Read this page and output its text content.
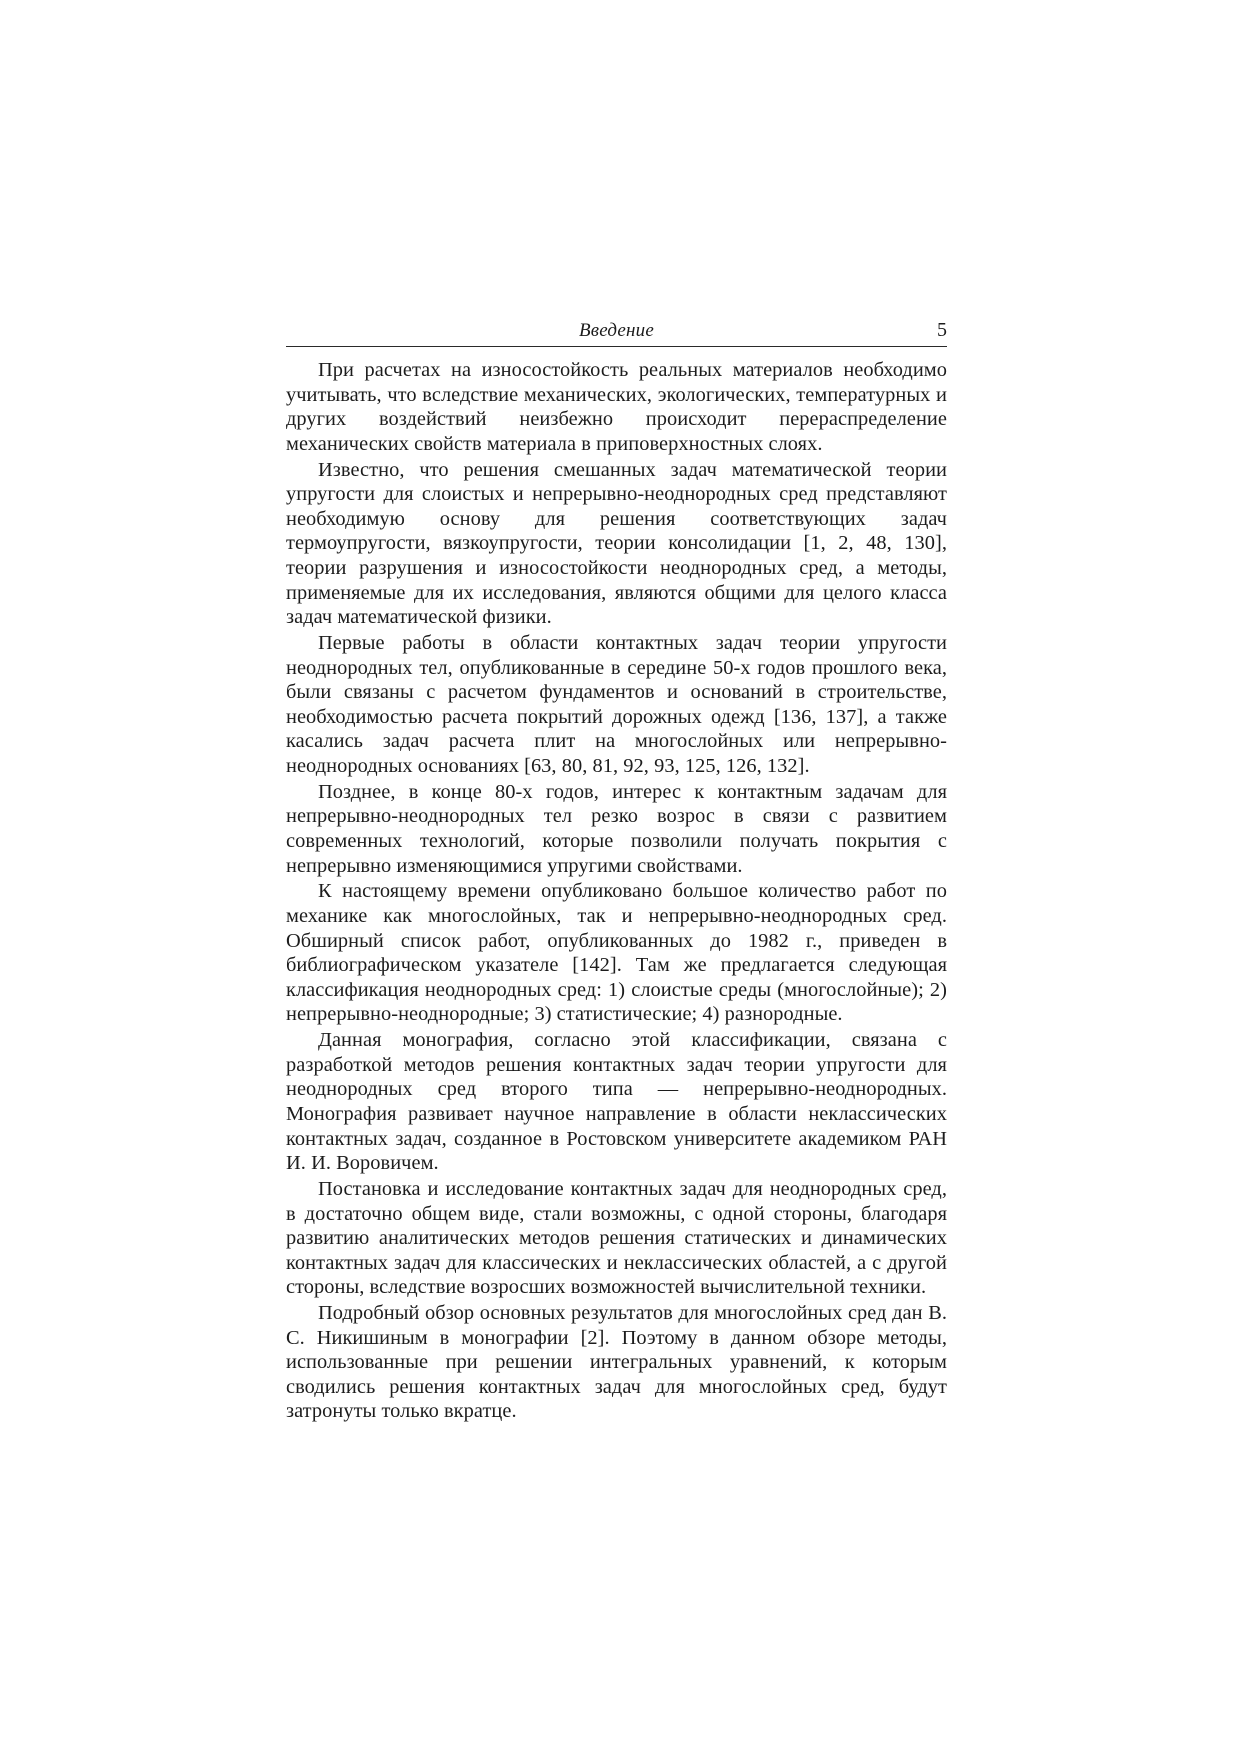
Введение	5

При расчетах на износостойкость реальных материалов необходимо учитывать, что вследствие механических, экологических, температурных и других воздействий неизбежно происходит перераспределение механических свойств материала в приповерхностных слоях.

Известно, что решения смешанных задач математической теории упругости для слоистых и непрерывно-неоднородных сред представляют необходимую основу для решения соответствующих задач термоупругости, вязкоупругости, теории консолидации [1, 2, 48, 130], теории разрушения и износостойкости неоднородных сред, а методы, применяемые для их исследования, являются общими для целого класса задач математической физики.

Первые работы в области контактных задач теории упругости неоднородных тел, опубликованные в середине 50-х годов прошлого века, были связаны с расчетом фундаментов и оснований в строительстве, необходимостью расчета покрытий дорожных одежд [136, 137], а также касались задач расчета плит на многослойных или непрерывно-неоднородных основаниях [63, 80, 81, 92, 93, 125, 126, 132].

Позднее, в конце 80-х годов, интерес к контактным задачам для непрерывно-неоднородных тел резко возрос в связи с развитием современных технологий, которые позволили получать покрытия с непрерывно изменяющимися упругими свойствами.

К настоящему времени опубликовано большое количество работ по механике как многослойных, так и непрерывно-неоднородных сред. Обширный список работ, опубликованных до 1982 г., приведен в библиографическом указателе [142]. Там же предлагается следующая классификация неоднородных сред: 1) слоистые среды (многослойные); 2) непрерывно-неоднородные; 3) статистические; 4) разнородные.

Данная монография, согласно этой классификации, связана с разработкой методов решения контактных задач теории упругости для неоднородных сред второго типа — непрерывно-неоднородных. Монография развивает научное направление в области неклассических контактных задач, созданное в Ростовском университете академиком РАН И. И. Воровичем.

Постановка и исследование контактных задач для неоднородных сред, в достаточно общем виде, стали возможны, с одной стороны, благодаря развитию аналитических методов решения статических и динамических контактных задач для классических и неклассических областей, а с другой стороны, вследствие возросших возможностей вычислительной техники.

Подробный обзор основных результатов для многослойных сред дан В. С. Никишиным в монографии [2]. Поэтому в данном обзоре методы, использованные при решении интегральных уравнений, к которым сводились решения контактных задач для многослойных сред, будут затронуты только вкратце.
